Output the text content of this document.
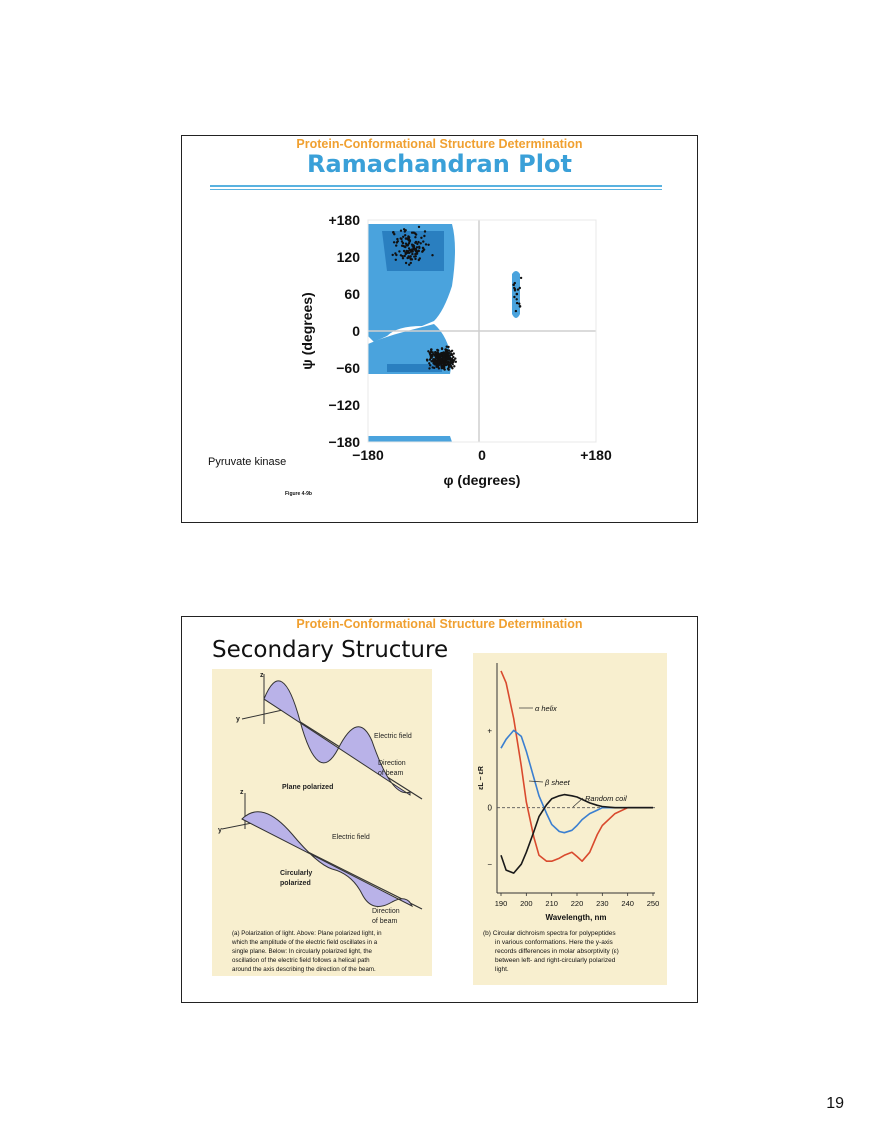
Protein-Conformational Structure Determination
Ramachandran Plot
+180
120
60
0
−60
−120
−180
−180	0	+180
φ (degrees)
ψ (degrees)
Pyruvate kinase
Figure 4-9b
Protein-Conformational Structure Determination
Secondary Structure
z
y
Electric field
Direction
of beam
Plane polarized
z
y
Electric field
Circularly
polarized
Direction
of beam
(a) Polarization of light. Above: Plane polarized light, in
which the amplitude of the electric field oscillates in a
single plane. Below: In circularly polarized light, the
oscillation of the electric field follows a helical path
around the axis describing the direction of the beam.
190 200 210 220 230 240 250
+
0
−
Wavelength, nm
εL − εR
α helix
β sheet
Random coil
(b) Circular dichroism spectra for polypeptides
in various conformations. Here the y-axis
records differences in molar absorptivity (ε)
between left- and right-circularly polarized
light.
19
